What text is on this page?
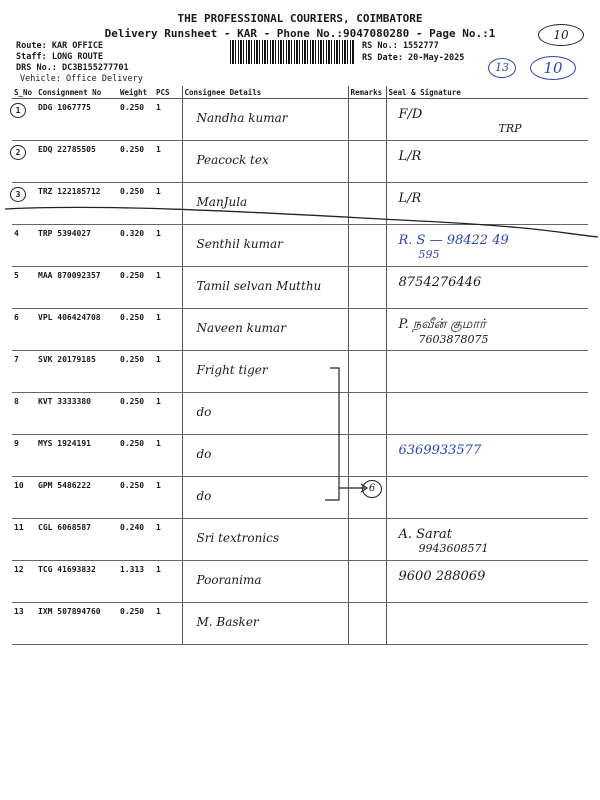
THE PROFESSIONAL COURIERS, COIMBATORE
Delivery Runsheet - KAR - Phone No.:9047080280 - Page No.:1
Route: KAR OFFICE
Staff: LONG ROUTE
DRS No.: DC3B155277701
Vehicle: Office Delivery
RS No.: 1552777
RS Date: 20-May-2025
10
13	10
S_No	Consignment No	Weight	PCS	Consignee Details	Remarks	Seal & Signature
1	DDG 1067775	0.250	1	Nandha kumar		F/D
TRP

2	EDQ 22785505	0.250	1	Peacock tex		L/R

3	TRZ 122185712	0.250	1	ManJula		L/R

4	TRP 5394027	0.320	1	Senthil kumar		R. S — 98422 49
595

5	MAA 870092357	0.250	1	Tamil selvan Mutthu		8754276446

6	VPL 406424708	0.250	1	Naveen kumar		P. நவீன் குமார்
7603878075

7	SVK 20179185	0.250	1	Fright tiger		

8	KVT 3333380	0.250	1	do		

9	MYS 1924191	0.250	1	do		6369933577

10	GPM 5486222	0.250	1	do		

11	CGL 6068587	0.240	1	Sri textronics		A. Sarat
9943608571

12	TCG 41693832	1.313	1	Pooranima		9600 288069

13	IXM 507894760	0.250	1	M. Basker		

6
